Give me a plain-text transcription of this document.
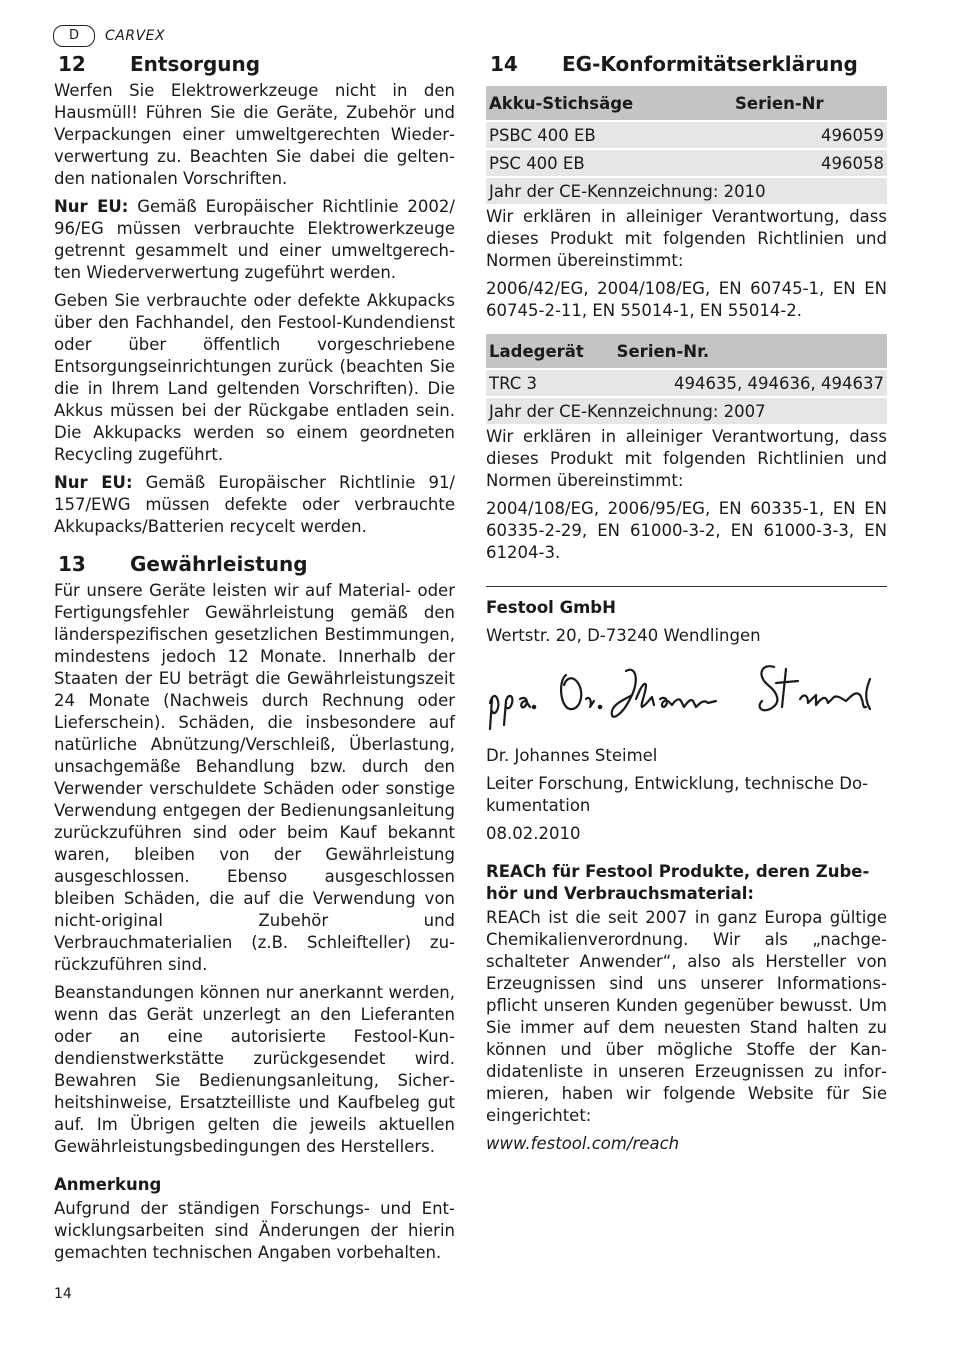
D	CARVEX
12	Entsorgung

Werfen Sie Elektrowerkzeuge nicht in den Hausmüll! Führen Sie die Geräte, Zubehör und Verpackungen einer umweltgerechten Wiederverwertung zu. Beachten Sie dabei die geltenden nationalen Vorschriften.

Nur EU: Gemäß Europäischer Richtlinie 2002/ 96/EG müssen verbrauchte Elektrowerkzeuge getrennt gesammelt und einer umweltgerechten Wiederverwertung zugeführt werden.

Geben Sie verbrauchte oder defekte Akkupacks über den Fachhandel, den Festool-Kundendienst oder über öffentlich vorgeschriebene Entsorgungseinrichtungen zurück (beachten Sie die in Ihrem Land geltenden Vorschriften). Die Akkus müssen bei der Rückgabe entladen sein. Die Akkupacks werden so einem geordneten Recycling zugeführt.

Nur EU: Gemäß Europäischer Richtlinie 91/ 157/EWG müssen defekte oder verbrauchte Akkupacks/Batterien recycelt werden.

13	Gewährleistung

Für unsere Geräte leisten wir auf Material- oder Fertigungsfehler Gewährleistung gemäß den länderspezifischen gesetzlichen Bestimmungen, mindestens jedoch 12 Monate. Innerhalb der Staaten der EU beträgt die Gewährleistungszeit 24 Monate (Nachweis durch Rechnung oder Lieferschein). Schäden, die insbesondere auf natürliche Abnützung/Verschleiß, Überlastung, unsachgemäße Behandlung bzw. durch den Verwender verschuldete Schäden oder sonstige Verwendung entgegen der Bedienungsanleitung zurückzuführen sind oder beim Kauf bekannt waren, bleiben von der Gewährleistung ausgeschlossen. Ebenso ausgeschlossen bleiben Schäden, die auf die Verwendung von nicht-original Zubehör und Verbrauchmaterialien (z.B. Schleifteller) zurückzuführen sind.

Beanstandungen können nur anerkannt werden, wenn das Gerät unzerlegt an den Lieferanten oder an eine autorisierte Festool-Kundendienstwerkstätte zurückgesendet wird. Bewahren Sie Bedienungsanleitung, Sicherheitshinweise, Ersatzteilliste und Kaufbeleg gut auf. Im Übrigen gelten die jeweils aktuellen Gewährleistungsbedingungen des Herstellers.

Anmerkung

Aufgrund der ständigen Forschungs- und Entwicklungsarbeiten sind Änderungen der hierin gemachten technischen Angaben vorbehalten.

14	EG-Konformitätserklärung
Akku-Stichsäge	Serien-Nr
PSBC 400 EB	496059
PSC 400 EB	496058
Jahr der CE-Kennzeichnung: 2010	

Wir erklären in alleiniger Verantwortung, dass dieses Produkt mit folgenden Richtlinien und Normen übereinstimmt:

2006/42/EG, 2004/108/EG, EN 60745-1, EN EN 60745-2-11, EN 55014-1, EN 55014-2.

Ladegerät	Serien-Nr.
TRC 3	494635, 494636, 494637
Jahr der CE-Kennzeichnung: 2007	

Wir erklären in alleiniger Verantwortung, dass dieses Produkt mit folgenden Richtlinien und Normen übereinstimmt:

2004/108/EG, 2006/95/EG, EN 60335-1, EN EN 60335-2-29, EN 61000-3-2, EN 61000-3-3, EN 61204-3.

Festool GmbH

Wertstr. 20, D-73240 Wendlingen

Dr. Johannes Steimel

Leiter Forschung, Entwicklung, technische Dokumentation

08.02.2010

REACh für Festool Produkte, deren Zubehör und Verbrauchsmaterial:

REACh ist die seit 2007 in ganz Europa gültige Chemikalienverordnung. Wir als „nachgeschalteter Anwender“, also als Hersteller von Erzeugnissen sind uns unserer Informationspflicht unseren Kunden gegenüber bewusst. Um Sie immer auf dem neuesten Stand halten zu können und über mögliche Stoffe der Kandidatenliste in unseren Erzeugnissen zu informieren, haben wir folgende Website für Sie eingerichtet:

www.festool.com/reach

14
